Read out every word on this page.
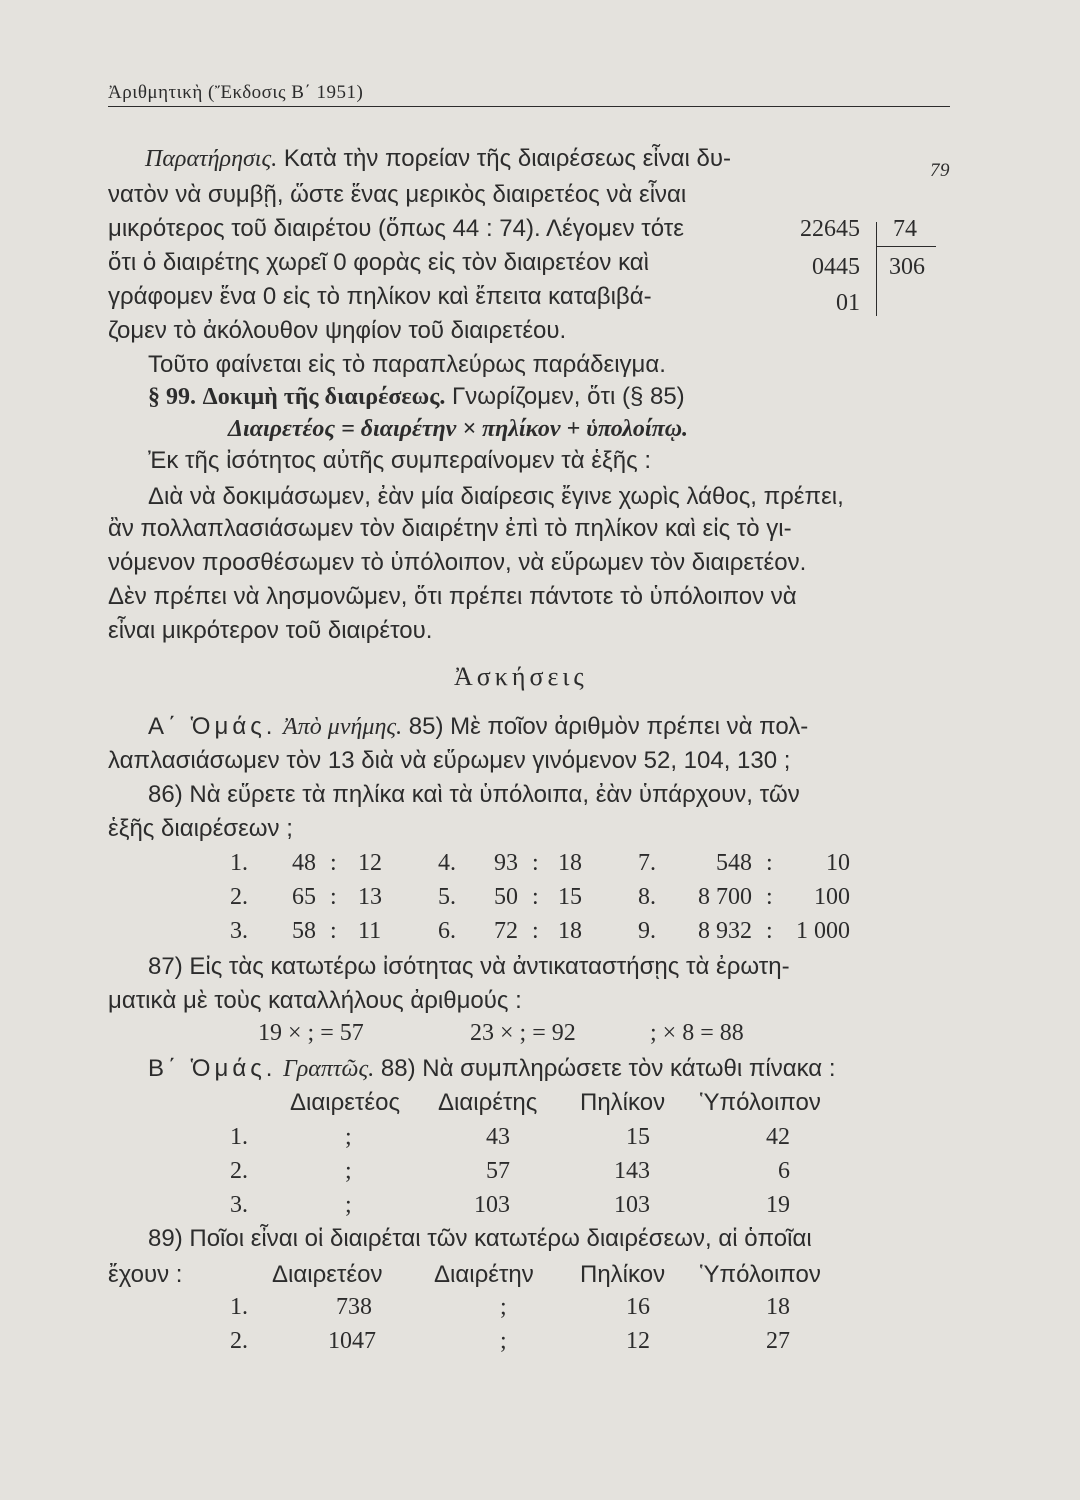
Ἀριθμητικὴ (Ἔκδοσις Β΄ 1951)
79
Παρατήρησις. Κατὰ τὴν πορείαν τῆς διαιρέσεως εἶναι δυ-
νατὸν νὰ συμβῇ, ὥστε ἕνας μερικὸς διαιρετέος νὰ εἶναι
μικρότερος τοῦ διαιρέτου (ὅπως 44 : 74). Λέγομεν τότε
ὅτι ὁ διαιρέτης χωρεῖ 0 φορὰς εἰς τὸν διαιρετέον καὶ
γράφομεν ἕνα 0 εἰς τὸ πηλίκον καὶ ἔπειτα καταβιβά-
ζομεν τὸ ἀκόλουθον ψηφίον τοῦ διαιρετέου.
Τοῦτο φαίνεται εἰς τὸ παραπλεύρως παράδειγμα.
22645 74
0445 306
01
§ 99. Δοκιμὴ τῆς διαιρέσεως. Γνωρίζομεν, ὅτι (§ 85)
Διαιρετέος = διαιρέτην × πηλίκον + ὑπολοίπῳ.
Ἐκ τῆς ἰσότητος αὐτῆς συμπεραίνομεν τὰ ἑξῆς :
Διὰ νὰ δοκιμάσωμεν, ἐὰν μία διαίρεσις ἔγινε χωρὶς λάθος, πρέπει,
ἂν πολλαπλασιάσωμεν τὸν διαιρέτην ἐπὶ τὸ πηλίκον καὶ εἰς τὸ γι-
νόμενον προσθέσωμεν τὸ ὑπόλοιπον, νὰ εὕρωμεν τὸν διαιρετέον.
Δὲν πρέπει νὰ λησμονῶμεν, ὅτι πρέπει πάντοτε τὸ ὑπόλοιπον νὰ
εἶναι μικρότερον τοῦ διαιρέτου.
Ἀσκήσεις
Α΄ Ὁμάς. Ἀπὸ μνήμης. 85) Μὲ ποῖον ἀριθμὸν πρέπει νὰ πολ-
λαπλασιάσωμεν τὸν 13 διὰ νὰ εὕρωμεν γινόμενον 52, 104, 130 ;
86) Νὰ εὕρετε τὰ πηλίκα καὶ τὰ ὑπόλοιπα, ἐὰν ὑπάρχουν, τῶν
ἑξῆς διαιρέσεων ;
1.	48 : 12
2.	65 : 13
3.	58 : 11
4.	93 : 18
5.	50 : 15
6.	72 : 18
7.	548 :	10
8.	8 700 :	100
9.	8 932 : 1 000
87) Εἰς τὰς κατωτέρω ἰσότητας νὰ ἀντικαταστήσῃς τὰ ἐρωτη-
ματικὰ μὲ τοὺς καταλλήλους ἀριθμούς :
19 × ; = 57	23 × ; = 92	; × 8 = 88
Β΄ Ὁμάς. Γραπτῶς. 88) Νὰ συμπληρώσετε τὸν κάτωθι πίνακα :
Διαιρετέος Διαιρέτης Πηλίκον Ὑπόλοιπον
1.	;	43	15	42
2.	;	57	143	6
3.	;	103	103	19
89) Ποῖοι εἶναι οἱ διαιρέται τῶν κατωτέρω διαιρέσεων, αἱ ὁποῖαι
ἔχουν :	Διαιρετέον Διαιρέτην Πηλίκον Ὑπόλοιπον
1.	738	;	16	18
2.	1047	;	12	27
